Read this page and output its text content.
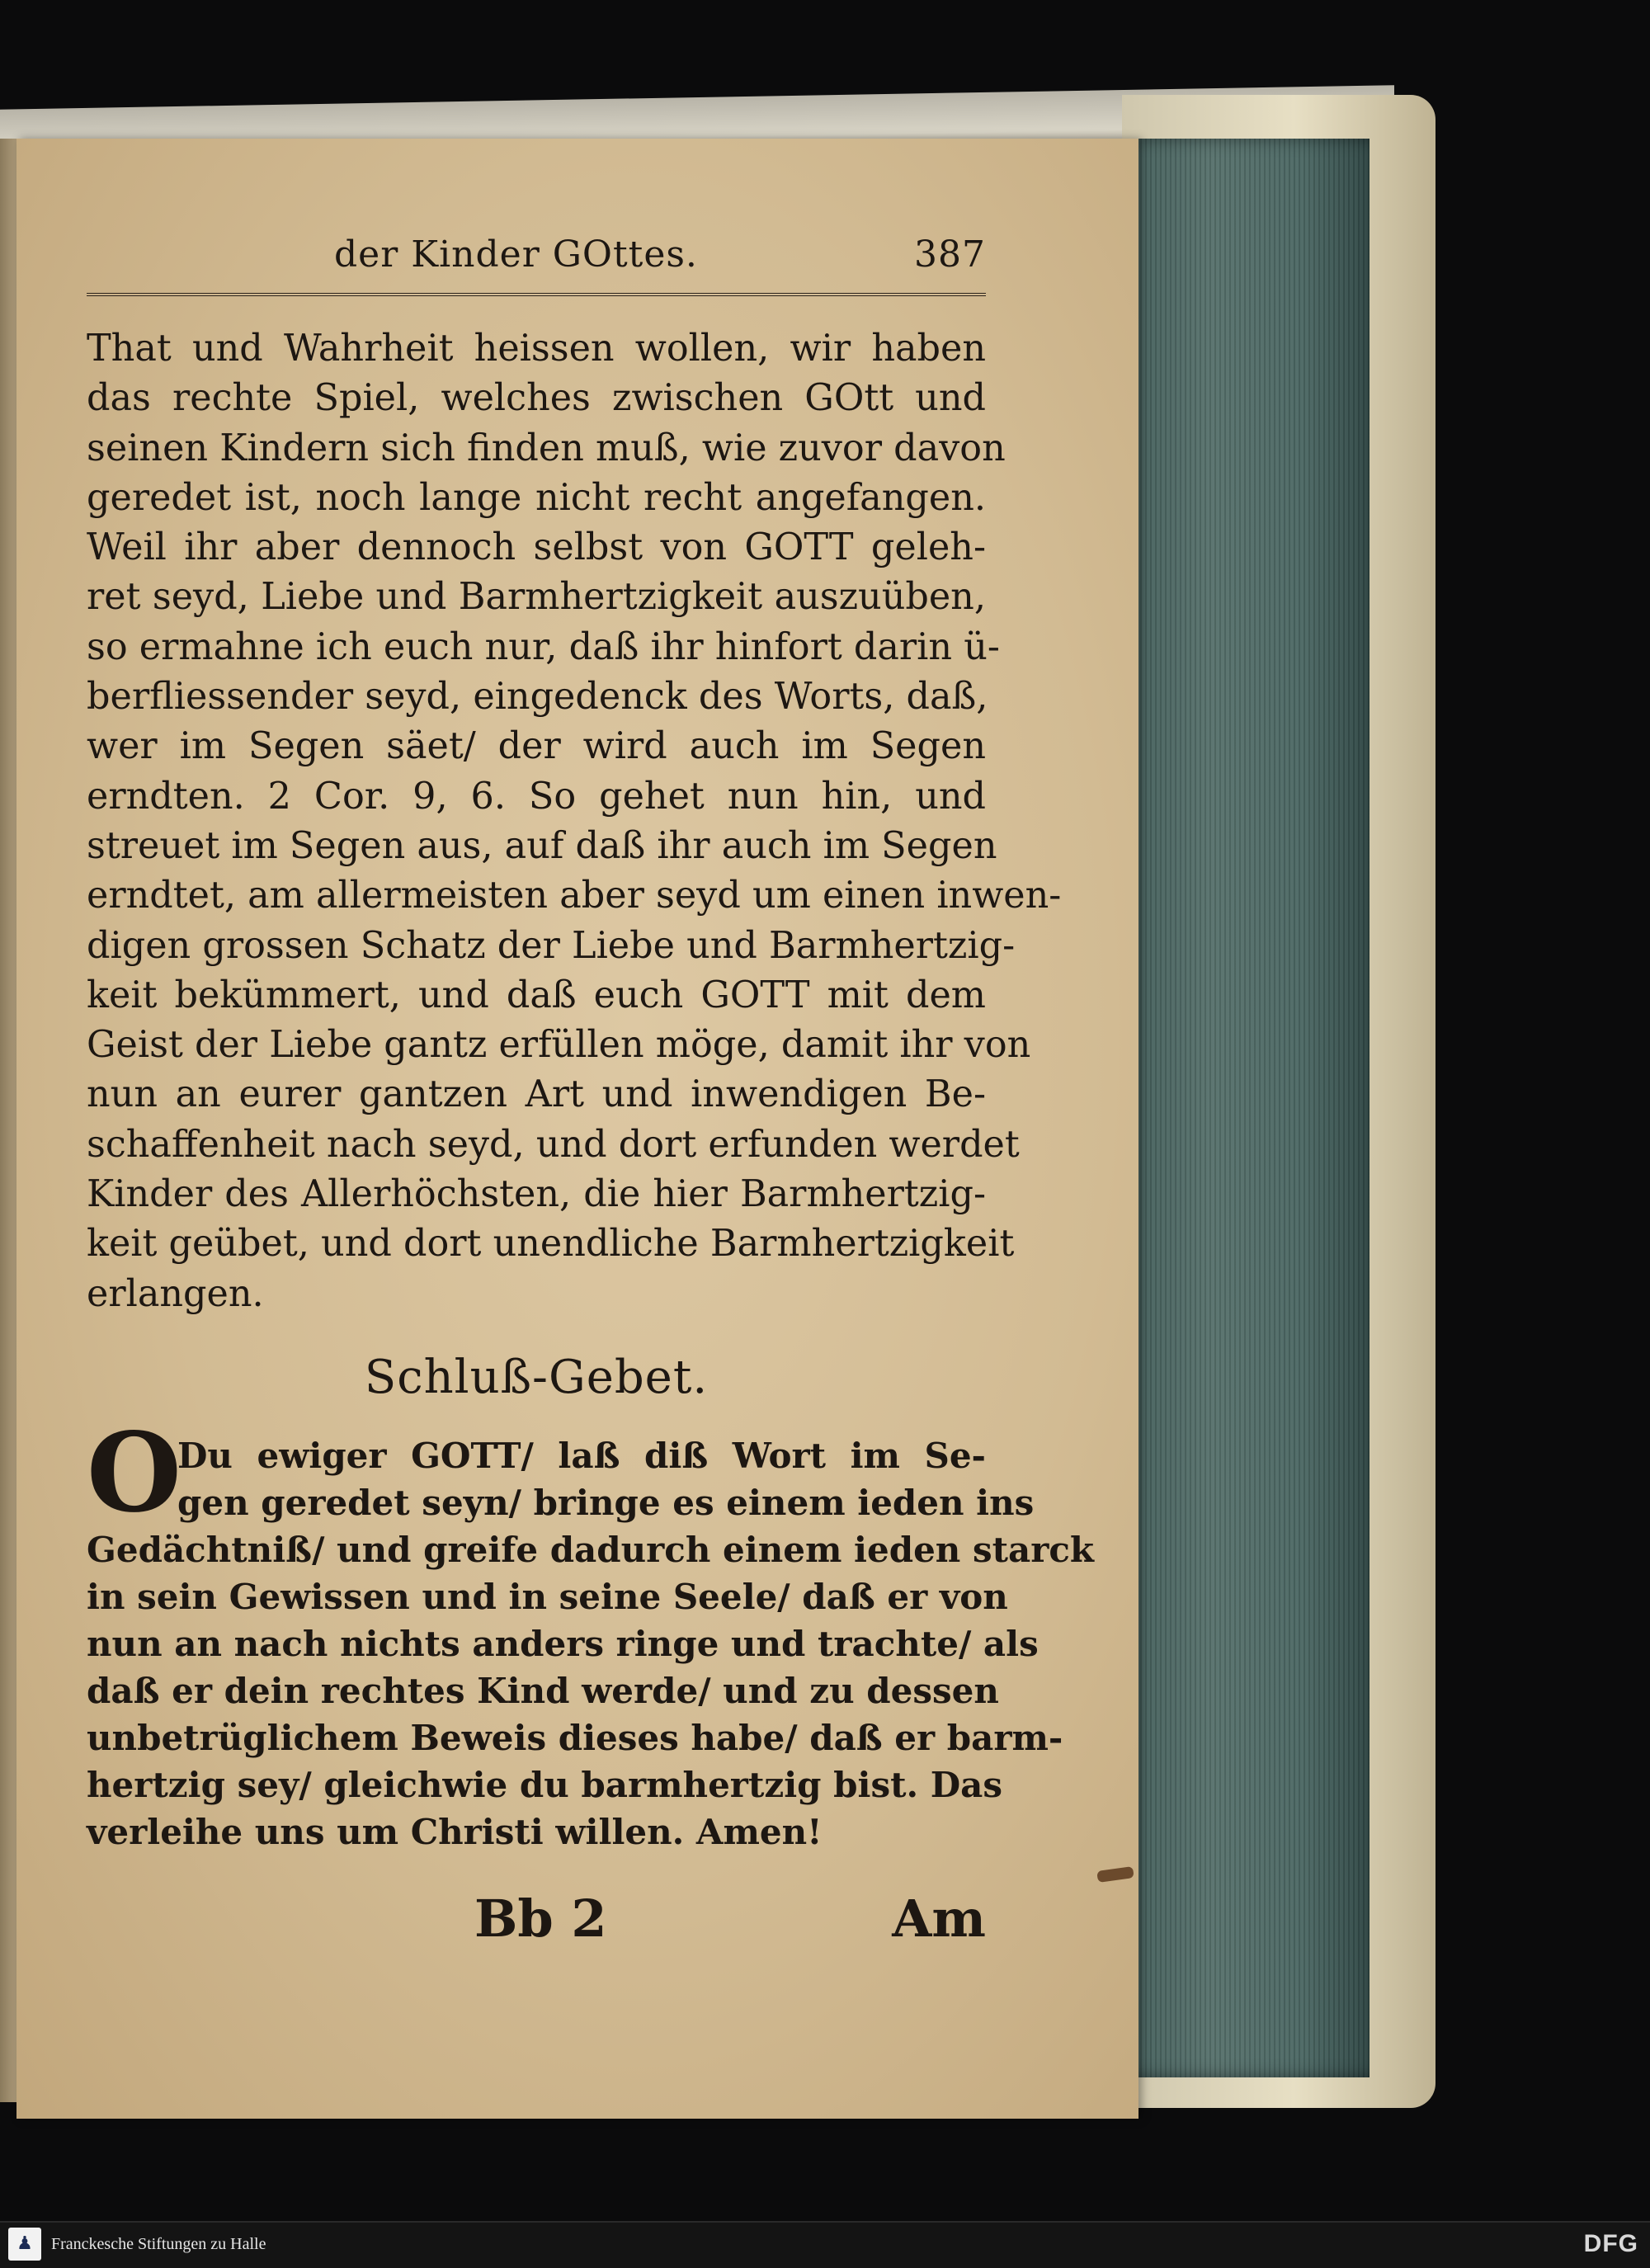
der Kinder GOttes.	387
That und Wahrheit heissen wollen, wir haben
das rechte Spiel, welches zwischen GOtt und
seinen Kindern sich finden muß, wie zuvor davon
geredet ist, noch lange nicht recht angefangen.
Weil ihr aber dennoch selbst von GOTT geleh-
ret seyd, Liebe und Barmhertzigkeit auszuüben,
so ermahne ich euch nur, daß ihr hinfort darin ü-
berfliessender seyd, eingedenck des Worts, daß,
wer im Segen säet/ der wird auch im Segen
erndten. 2 Cor. 9, 6. So gehet nun hin, und
streuet im Segen aus, auf daß ihr auch im Segen
erndtet, am allermeisten aber seyd um einen inwen-
digen grossen Schatz der Liebe und Barmhertzig-
keit bekümmert, und daß euch GOTT mit dem
Geist der Liebe gantz erfüllen möge, damit ihr von
nun an eurer gantzen Art und inwendigen Be-
schaffenheit nach seyd, und dort erfunden werdet
Kinder des Allerhöchsten, die hier Barmhertzig-
keit geübet, und dort unendliche Barmhertzigkeit
erlangen.
Schluß-Gebet.
O
Du ewiger GOTT/ laß diß Wort im Se-
gen geredet seyn/ bringe es einem ieden ins
Gedächtniß/ und greife dadurch einem ieden starck
in sein Gewissen und in seine Seele/ daß er von
nun an nach nichts anders ringe und trachte/ als
daß er dein rechtes Kind werde/ und zu dessen
unbetrüglichem Beweis dieses habe/ daß er barm-
hertzig sey/ gleichwie du barmhertzig bist. Das
verleihe uns um Christi willen. Amen!
Bb 2	Am
♟	Franckesche Stiftungen zu Halle	DFG
